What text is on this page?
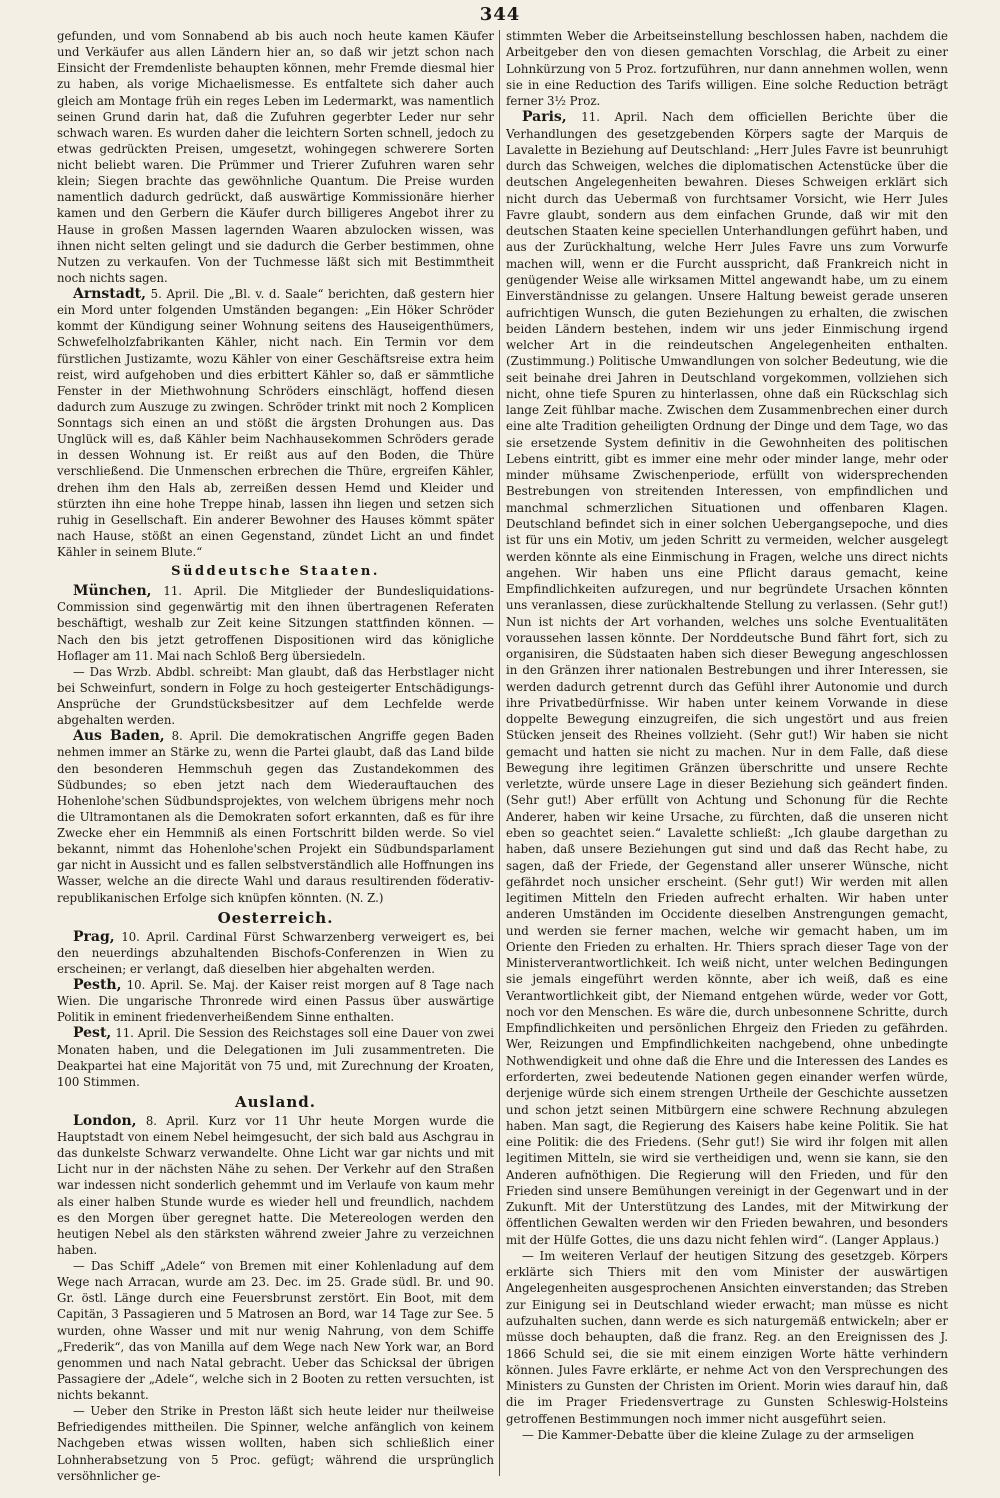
344

gefunden, und vom Sonnabend ab bis auch noch heute kamen Käufer und Verkäufer aus allen Ländern hier an, so daß wir jetzt schon nach Einsicht der Fremdenliste behaupten können, mehr Fremde diesmal hier zu haben, als vorige Michaelismesse. Es entfaltete sich daher auch gleich am Montage früh ein reges Leben im Ledermarkt, was namentlich seinen Grund darin hat, daß die Zufuhren gegerbter Leder nur sehr schwach waren. Es wurden daher die leichtern Sorten schnell, jedoch zu etwas gedrückten Preisen, umgesetzt, wohingegen schwerere Sorten nicht beliebt waren. Die Prümmer und Trierer Zufuhren waren sehr klein; Siegen brachte das gewöhnliche Quantum. Die Preise wurden namentlich dadurch gedrückt, daß auswärtige Kommissionäre hierher kamen und den Gerbern die Käufer durch billigeres Angebot ihrer zu Hause in großen Massen lagernden Waaren abzulocken wissen, was ihnen nicht selten gelingt und sie dadurch die Gerber bestimmen, ohne Nutzen zu verkaufen. Von der Tuchmesse läßt sich mit Bestimmtheit noch nichts sagen.

Arnstadt, 5. April. Die „Bl. v. d. Saale“ berichten, daß gestern hier ein Mord unter folgenden Umständen begangen: „Ein Höker Schröder kommt der Kündigung seiner Wohnung seitens des Hauseigenthümers, Schwefelholzfabrikanten Kähler, nicht nach. Ein Termin vor dem fürstlichen Justizamte, wozu Kähler von einer Geschäftsreise extra heim reist, wird aufgehoben und dies erbittert Kähler so, daß er sämmtliche Fenster in der Miethwohnung Schröders einschlägt, hoffend diesen dadurch zum Auszuge zu zwingen. Schröder trinkt mit noch 2 Komplicen Sonntags sich einen an und stößt die ärgsten Drohungen aus. Das Unglück will es, daß Kähler beim Nachhausekommen Schröders gerade in dessen Wohnung ist. Er reißt aus auf den Boden, die Thüre verschließend. Die Unmenschen erbrechen die Thüre, ergreifen Kähler, drehen ihm den Hals ab, zerreißen dessen Hemd und Kleider und stürzten ihn eine hohe Treppe hinab, lassen ihn liegen und setzen sich ruhig in Gesellschaft. Ein anderer Bewohner des Hauses kömmt später nach Hause, stößt an einen Gegenstand, zündet Licht an und findet Kähler in seinem Blute.“

Süddeutsche Staaten.

München, 11. April. Die Mitglieder der Bundesliquidations-Commission sind gegenwärtig mit den ihnen übertragenen Referaten beschäftigt, weshalb zur Zeit keine Sitzungen stattfinden können. — Nach den bis jetzt getroffenen Dispositionen wird das königliche Hoflager am 11. Mai nach Schloß Berg übersiedeln.

— Das Wrzb. Abdbl. schreibt: Man glaubt, daß das Herbstlager nicht bei Schweinfurt, sondern in Folge zu hoch gesteigerter Entschädigungs-Ansprüche der Grundstücksbesitzer auf dem Lechfelde werde abgehalten werden.

Aus Baden, 8. April. Die demokratischen Angriffe gegen Baden nehmen immer an Stärke zu, wenn die Partei glaubt, daß das Land bilde den besonderen Hemmschuh gegen das Zustandekommen des Südbundes; so eben jetzt nach dem Wiederauftauchen des Hohenlohe'schen Südbundsprojektes, von welchem übrigens mehr noch die Ultramontanen als die Demokraten sofort erkannten, daß es für ihre Zwecke eher ein Hemmniß als einen Fortschritt bilden werde. So viel bekannt, nimmt das Hohenlohe'schen Projekt ein Südbundsparlament gar nicht in Aussicht und es fallen selbstverständlich alle Hoffnungen ins Wasser, welche an die directe Wahl und daraus resultirenden föderativ-republikanischen Erfolge sich knüpfen könnten. (N. Z.)

Oesterreich.

Prag, 10. April. Cardinal Fürst Schwarzenberg verweigert es, bei den neuerdings abzuhaltenden Bischofs-Conferenzen in Wien zu erscheinen; er verlangt, daß dieselben hier abgehalten werden.

Pesth, 10. April. Se. Maj. der Kaiser reist morgen auf 8 Tage nach Wien. Die ungarische Thronrede wird einen Passus über auswärtige Politik in eminent friedenverheißendem Sinne enthalten.

Pest, 11. April. Die Session des Reichstages soll eine Dauer von zwei Monaten haben, und die Delegationen im Juli zusammentreten. Die Deakpartei hat eine Majorität von 75 und, mit Zurechnung der Kroaten, 100 Stimmen.

Ausland.

London, 8. April. Kurz vor 11 Uhr heute Morgen wurde die Hauptstadt von einem Nebel heimgesucht, der sich bald aus Aschgrau in das dunkelste Schwarz verwandelte. Ohne Licht war gar nichts und mit Licht nur in der nächsten Nähe zu sehen. Der Verkehr auf den Straßen war indessen nicht sonderlich gehemmt und im Verlaufe von kaum mehr als einer halben Stunde wurde es wieder hell und freundlich, nachdem es den Morgen über geregnet hatte. Die Metereologen werden den heutigen Nebel als den stärksten während zweier Jahre zu verzeichnen haben.

— Das Schiff „Adele“ von Bremen mit einer Kohlenladung auf dem Wege nach Arracan, wurde am 23. Dec. im 25. Grade südl. Br. und 90. Gr. östl. Länge durch eine Feuersbrunst zerstört. Ein Boot, mit dem Capitän, 3 Passagieren und 5 Matrosen an Bord, war 14 Tage zur See. 5 wurden, ohne Wasser und mit nur wenig Nahrung, von dem Schiffe „Frederik“, das von Manilla auf dem Wege nach New York war, an Bord genommen und nach Natal gebracht. Ueber das Schicksal der übrigen Passagiere der „Adele“, welche sich in 2 Booten zu retten versuchten, ist nichts bekannt.

— Ueber den Strike in Preston läßt sich heute leider nur theilweise Befriedigendes mittheilen. Die Spinner, welche anfänglich von keinem Nachgeben etwas wissen wollten, haben sich schließlich einer Lohnherabsetzung von 5 Proc. gefügt; während die ursprünglich versöhnlicher ge-

stimmten Weber die Arbeitseinstellung beschlossen haben, nachdem die Arbeitgeber den von diesen gemachten Vorschlag, die Arbeit zu einer Lohnkürzung von 5 Proz. fortzuführen, nur dann annehmen wollen, wenn sie in eine Reduction des Tarifs willigen. Eine solche Reduction beträgt ferner 3½ Proz.

Paris, 11. April. Nach dem officiellen Berichte über die Verhandlungen des gesetzgebenden Körpers sagte der Marquis de Lavalette in Beziehung auf Deutschland: „Herr Jules Favre ist beunruhigt durch das Schweigen, welches die diplomatischen Actenstücke über die deutschen Angelegenheiten bewahren. Dieses Schweigen erklärt sich nicht durch das Uebermaß von furchtsamer Vorsicht, wie Herr Jules Favre glaubt, sondern aus dem einfachen Grunde, daß wir mit den deutschen Staaten keine speciellen Unterhandlungen geführt haben, und aus der Zurückhaltung, welche Herr Jules Favre uns zum Vorwurfe machen will, wenn er die Furcht ausspricht, daß Frankreich nicht in genügender Weise alle wirksamen Mittel angewandt habe, um zu einem Einverständnisse zu gelangen. Unsere Haltung beweist gerade unseren aufrichtigen Wunsch, die guten Beziehungen zu erhalten, die zwischen beiden Ländern bestehen, indem wir uns jeder Einmischung irgend welcher Art in die reindeutschen Angelegenheiten enthalten. (Zustimmung.) Politische Umwandlungen von solcher Bedeutung, wie die seit beinahe drei Jahren in Deutschland vorgekommen, vollziehen sich nicht, ohne tiefe Spuren zu hinterlassen, ohne daß ein Rückschlag sich lange Zeit fühlbar mache. Zwischen dem Zusammenbrechen einer durch eine alte Tradition geheiligten Ordnung der Dinge und dem Tage, wo das sie ersetzende System definitiv in die Gewohnheiten des politischen Lebens eintritt, gibt es immer eine mehr oder minder lange, mehr oder minder mühsame Zwischenperiode, erfüllt von widersprechenden Bestrebungen von streitenden Interessen, von empfindlichen und manchmal schmerzlichen Situationen und offenbaren Klagen. Deutschland befindet sich in einer solchen Uebergangsepoche, und dies ist für uns ein Motiv, um jeden Schritt zu vermeiden, welcher ausgelegt werden könnte als eine Einmischung in Fragen, welche uns direct nichts angehen. Wir haben uns eine Pflicht daraus gemacht, keine Empfindlichkeiten aufzuregen, und nur begründete Ursachen könnten uns veranlassen, diese zurückhaltende Stellung zu verlassen. (Sehr gut!) Nun ist nichts der Art vorhanden, welches uns solche Eventualitäten voraussehen lassen könnte. Der Norddeutsche Bund fährt fort, sich zu organisiren, die Südstaaten haben sich dieser Bewegung angeschlossen in den Gränzen ihrer nationalen Bestrebungen und ihrer Interessen, sie werden dadurch getrennt durch das Gefühl ihrer Autonomie und durch ihre Privatbedürfnisse. Wir haben unter keinem Vorwande in diese doppelte Bewegung einzugreifen, die sich ungestört und aus freien Stücken jenseit des Rheines vollzieht. (Sehr gut!) Wir haben sie nicht gemacht und hatten sie nicht zu machen. Nur in dem Falle, daß diese Bewegung ihre legitimen Gränzen überschritte und unsere Rechte verletzte, würde unsere Lage in dieser Beziehung sich geändert finden. (Sehr gut!) Aber erfüllt von Achtung und Schonung für die Rechte Anderer, haben wir keine Ursache, zu fürchten, daß die unseren nicht eben so geachtet seien.“ Lavalette schließt: „Ich glaube dargethan zu haben, daß unsere Beziehungen gut sind und daß das Recht habe, zu sagen, daß der Friede, der Gegenstand aller unserer Wünsche, nicht gefährdet noch unsicher erscheint. (Sehr gut!) Wir werden mit allen legitimen Mitteln den Frieden aufrecht erhalten. Wir haben unter anderen Umständen im Occidente dieselben Anstrengungen gemacht, und werden sie ferner machen, welche wir gemacht haben, um im Oriente den Frieden zu erhalten. Hr. Thiers sprach dieser Tage von der Ministerverantwortlichkeit. Ich weiß nicht, unter welchen Bedingungen sie jemals eingeführt werden könnte, aber ich weiß, daß es eine Verantwortlichkeit gibt, der Niemand entgehen würde, weder vor Gott, noch vor den Menschen. Es wäre die, durch unbesonnene Schritte, durch Empfindlichkeiten und persönlichen Ehrgeiz den Frieden zu gefährden. Wer, Reizungen und Empfindlichkeiten nachgebend, ohne unbedingte Nothwendigkeit und ohne daß die Ehre und die Interessen des Landes es erforderten, zwei bedeutende Nationen gegen einander werfen würde, derjenige würde sich einem strengen Urtheile der Geschichte aussetzen und schon jetzt seinen Mitbürgern eine schwere Rechnung abzulegen haben. Man sagt, die Regierung des Kaisers habe keine Politik. Sie hat eine Politik: die des Friedens. (Sehr gut!) Sie wird ihr folgen mit allen legitimen Mitteln, sie wird sie vertheidigen und, wenn sie kann, sie den Anderen aufnöthigen. Die Regierung will den Frieden, und für den Frieden sind unsere Bemühungen vereinigt in der Gegenwart und in der Zukunft. Mit der Unterstützung des Landes, mit der Mitwirkung der öffentlichen Gewalten werden wir den Frieden bewahren, und besonders mit der Hülfe Gottes, die uns dazu nicht fehlen wird“. (Langer Applaus.)

— Im weiteren Verlauf der heutigen Sitzung des gesetzgeb. Körpers erklärte sich Thiers mit den vom Minister der auswärtigen Angelegenheiten ausgesprochenen Ansichten einverstanden; das Streben zur Einigung sei in Deutschland wieder erwacht; man müsse es nicht aufzuhalten suchen, dann werde es sich naturgemäß entwickeln; aber er müsse doch behaupten, daß die franz. Reg. an den Ereignissen des J. 1866 Schuld sei, die sie mit einem einzigen Worte hätte verhindern können. Jules Favre erklärte, er nehme Act von den Versprechungen des Ministers zu Gunsten der Christen im Orient. Morin wies darauf hin, daß die im Prager Friedensvertrage zu Gunsten Schleswig-Holsteins getroffenen Bestimmungen noch immer nicht ausgeführt seien.

— Die Kammer-Debatte über die kleine Zulage zu der armseligen
